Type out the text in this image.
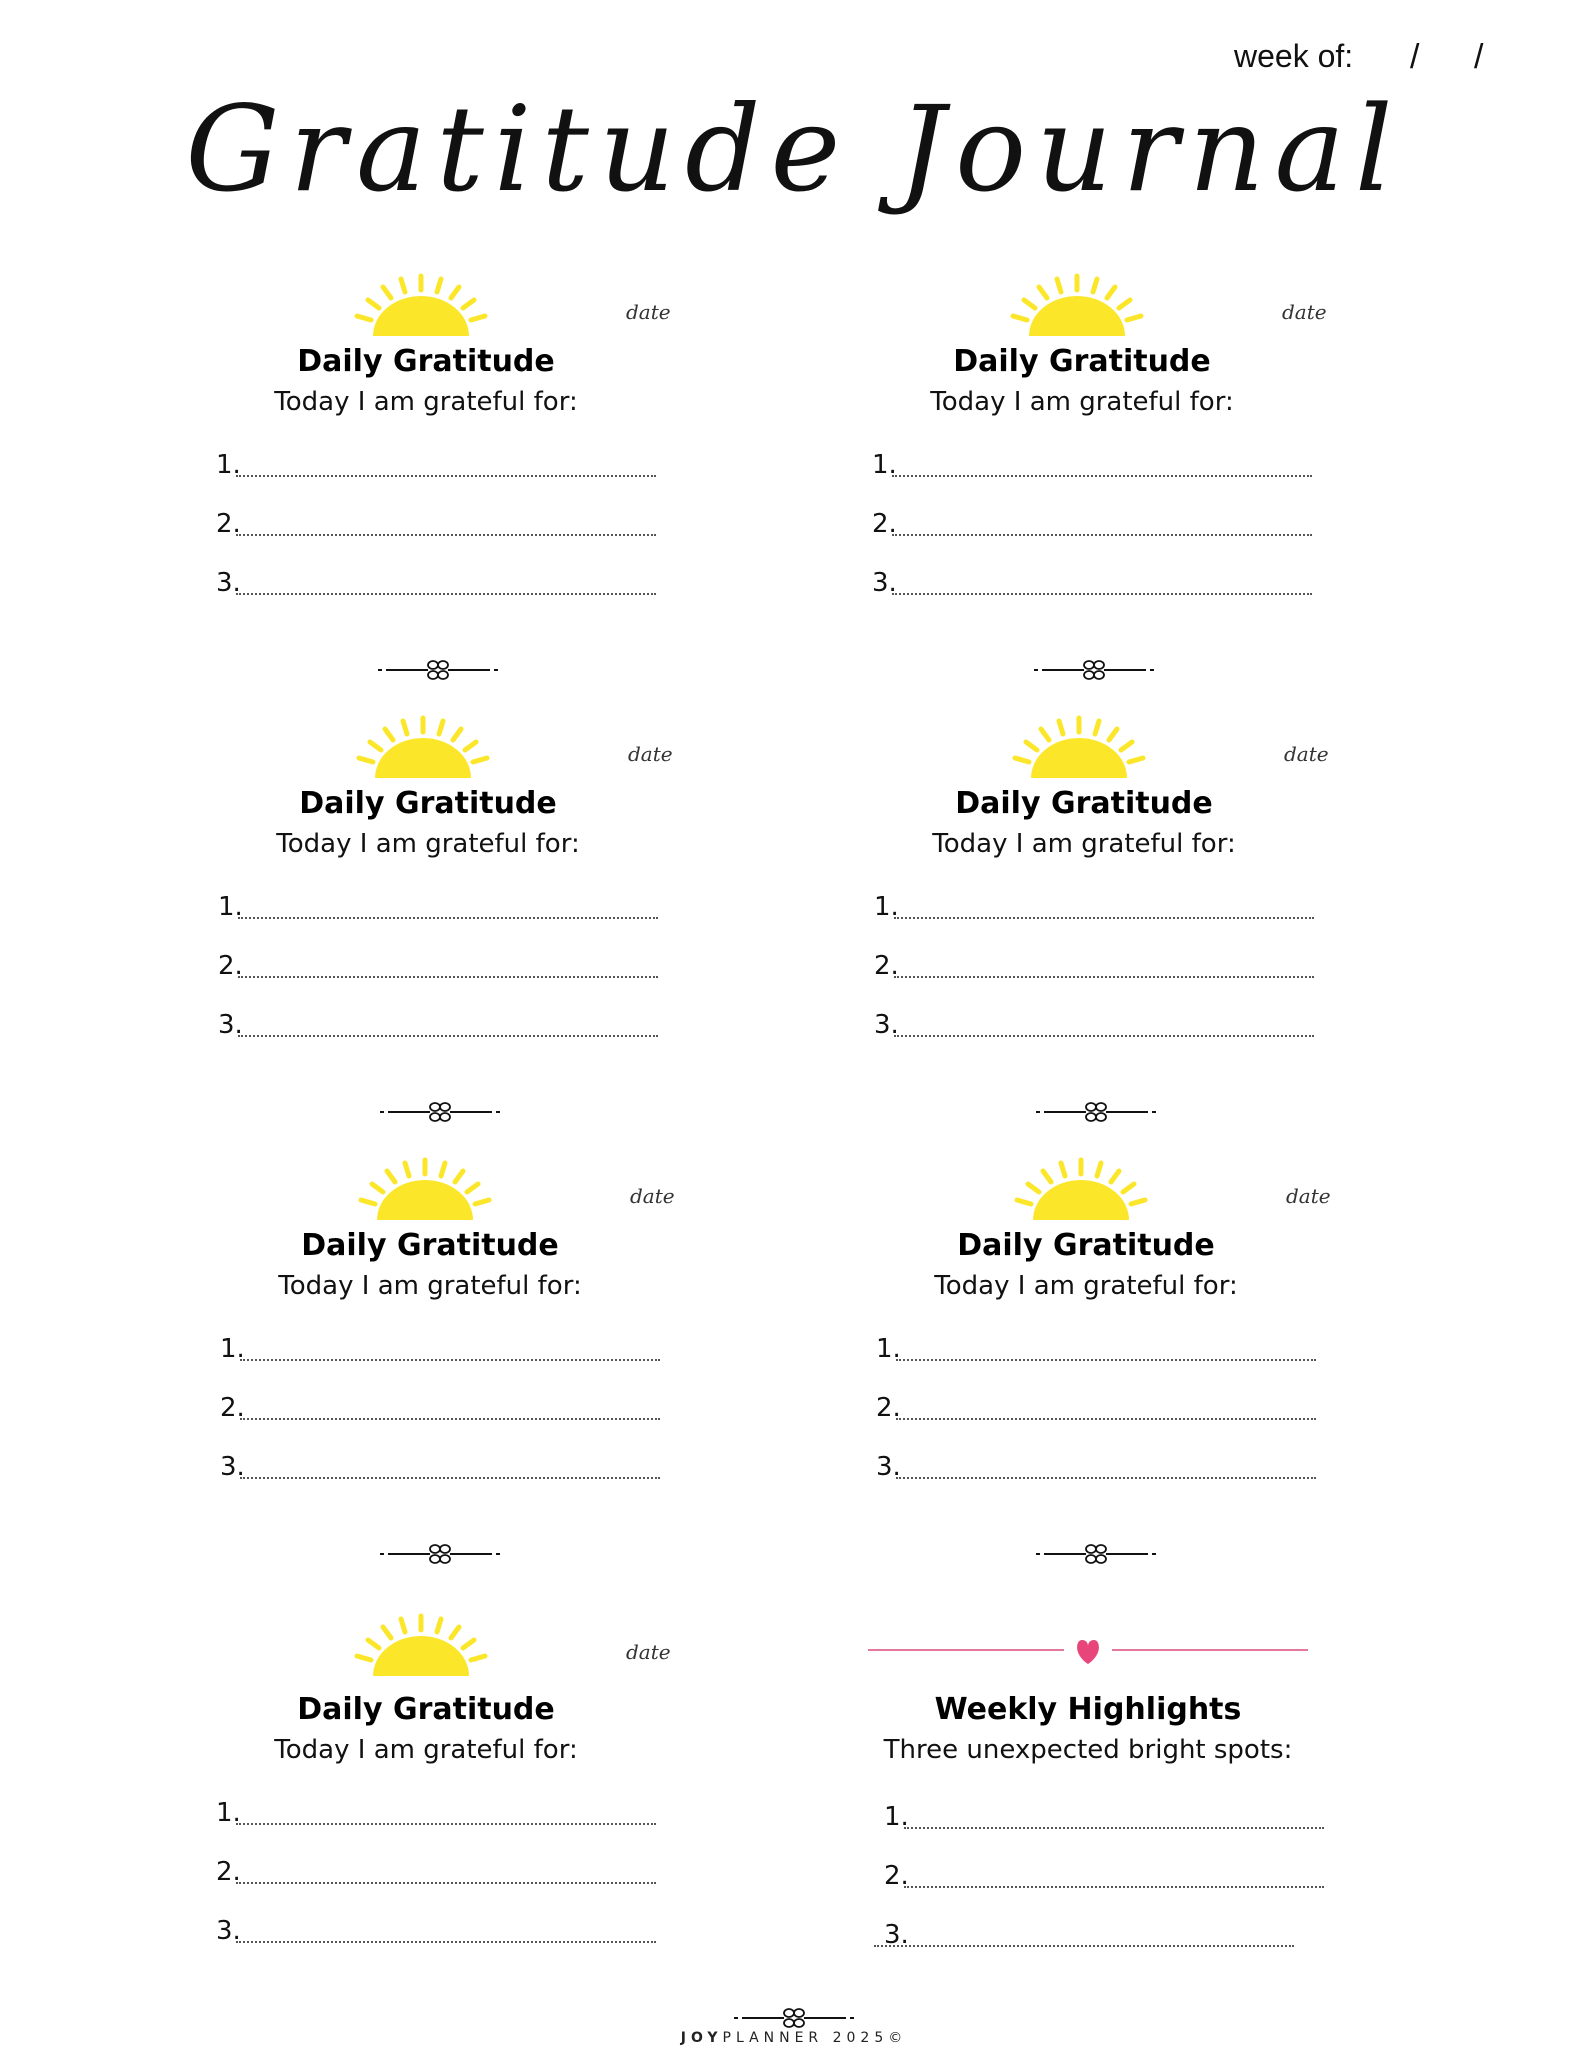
week of: / /
Gratitude Journal
date
Daily Gratitude
Today I am grateful for:
1.
2.
3.
date
Daily Gratitude
Today I am grateful for:
1.
2.
3.
date
Daily Gratitude
Today I am grateful for:
1.
2.
3.
date
Daily Gratitude
Today I am grateful for:
1.
2.
3.
date
Daily Gratitude
Today I am grateful for:
1.
2.
3.
date
Daily Gratitude
Today I am grateful for:
1.
2.
3.
date
Daily Gratitude
Today I am grateful for:
1.
2.
3.
Weekly Highlights
Three unexpected bright spots:
1.
2.
3.
JOYPLANNER 2025©
